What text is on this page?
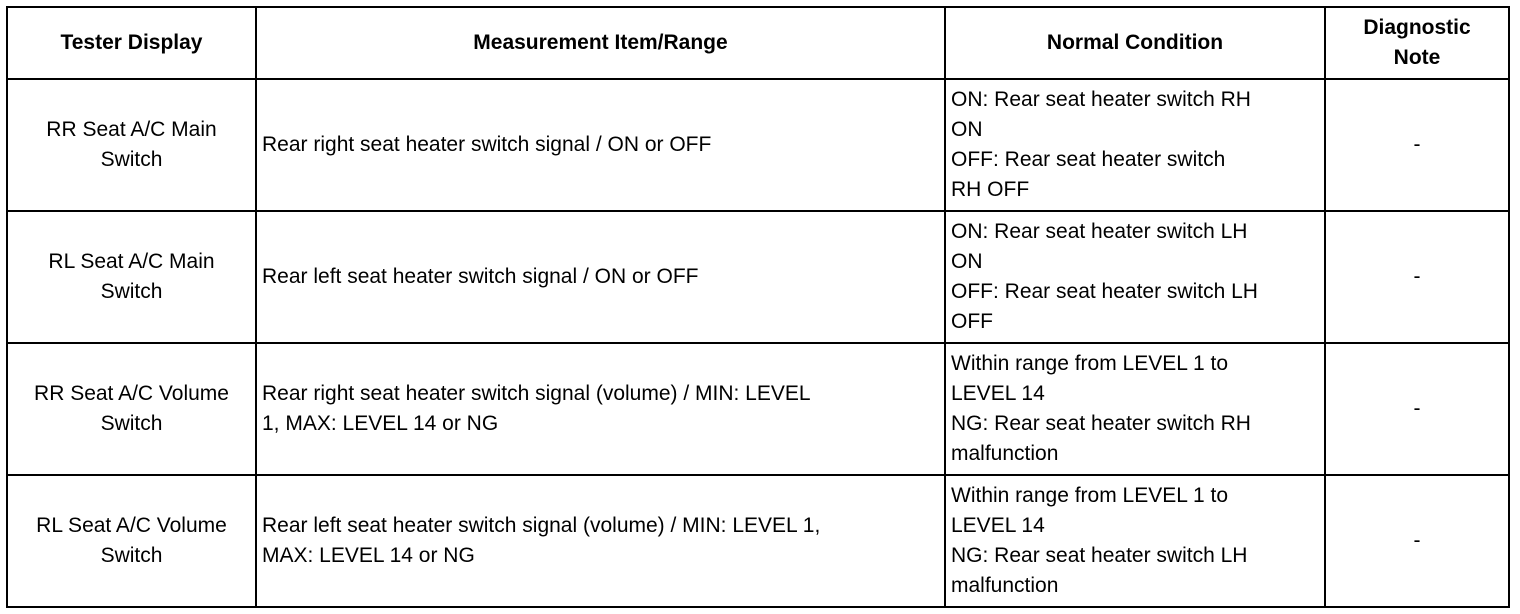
Tester Display	Measurement Item/Range	Normal Condition	Diagnostic
Note

RR Seat A/C Main
Switch	Rear right seat heater switch signal / ON or OFF	ON: Rear seat heater switch RH
ON
OFF: Rear seat heater switch
RH OFF	-

RL Seat A/C Main
Switch	Rear left seat heater switch signal / ON or OFF	ON: Rear seat heater switch LH
ON
OFF: Rear seat heater switch LH
OFF	-

RR Seat A/C Volume
Switch	Rear right seat heater switch signal (volume) / MIN: LEVEL
1, MAX: LEVEL 14 or NG	Within range from LEVEL 1 to
LEVEL 14
NG: Rear seat heater switch RH
malfunction	-

RL Seat A/C Volume
Switch	Rear left seat heater switch signal (volume) / MIN: LEVEL 1,
MAX: LEVEL 14 or NG	Within range from LEVEL 1 to
LEVEL 14
NG: Rear seat heater switch LH
malfunction	-
